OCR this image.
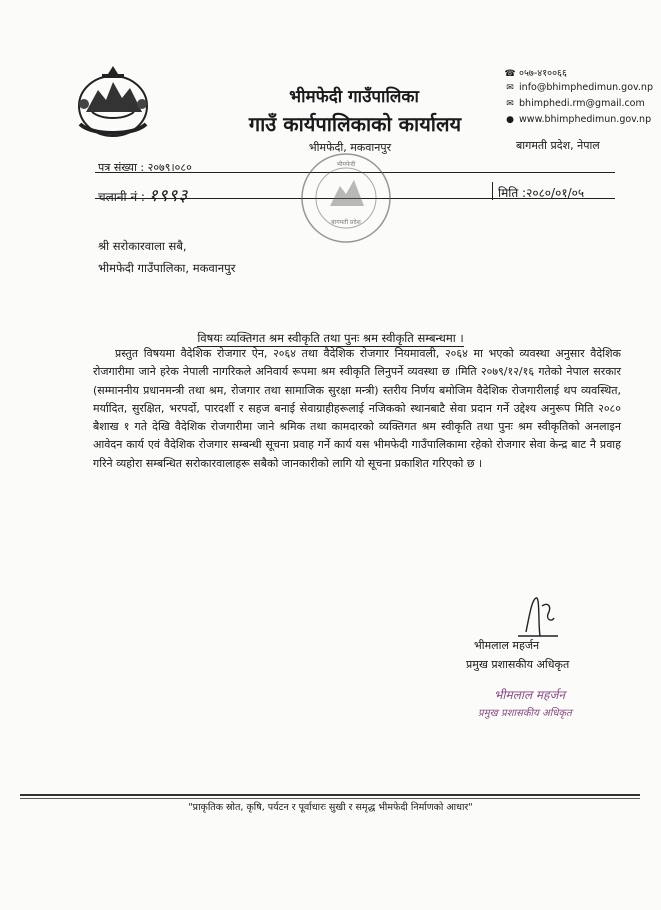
भीमफेदी गाउँपालिका
गाउँ कार्यपालिकाको कार्यालय
भीमफेदी, मकवानपुर
☎ ०५७-४१००६६
✉ info@bhimphedimun.gov.np
✉ bhimphedi.rm@gmail.com
● www.bhimphedimun.gov.np
बागमती प्रदेश, नेपाल
पत्र संख्या : २०७९।०८०
चलानी नं : १९९३	मिति :२०८०/०१/०५
बागमती प्रदेश
भीमफेदी
श्री सरोकारवाला सबै,
भीमफेदी गाउँपालिका, मकवानपुर
विषयः व्यक्तिगत श्रम स्वीकृति तथा पुनः श्रम स्वीकृति सम्बन्धमा ।
प्रस्तुत विषयमा वैदेशिक रोजगार ऐन, २०६४ तथा वैदेशिक रोजगार नियमावली, २०६४ मा भएको व्यवस्था अनुसार वैदेशिक रोजगारीमा जाने हरेक नेपाली नागरिकले अनिवार्य रूपमा श्रम स्वीकृति लिनुपर्ने व्यवस्था छ ।मिति २०७९/१२/१६ गतेको नेपाल सरकार (सम्माननीय प्रधानमन्त्री तथा श्रम, रोजगार तथा सामाजिक सुरक्षा मन्त्री) स्तरीय निर्णय बमोजिम वैदेशिक रोजगारीलाई थप व्यवस्थित, मर्यादित, सुरक्षित, भरपर्दो, पारदर्शी र सहज बनाई सेवाग्राहीहरूलाई नजिकको स्थानबाटै सेवा प्रदान गर्ने उद्देश्य अनुरूप मिति २०८० बैशाख १ गते देखि वैदेशिक रोजगारीमा जाने श्रमिक तथा कामदारको व्यक्तिगत श्रम स्वीकृति तथा पुनः श्रम स्वीकृतिको अनलाइन आवेदन कार्य एवं वैदेशिक रोजगार सम्बन्धी सूचना प्रवाह गर्ने कार्य यस भीमफेदी गाउँपालिकामा रहेको रोजगार सेवा केन्द्र बाट नै प्रवाह गरिने व्यहोरा सम्बन्धित सरोकारवालाहरू सबैको जानकारीको लागि यो सूचना प्रकाशित गरिएको छ ।
भीमलाल महर्जन
प्रमुख प्रशासकीय अधिकृत
भीमलाल महर्जन
प्रमुख प्रशासकीय अधिकृत
"प्राकृतिक स्रोत, कृषि, पर्यटन र पूर्वाधारः सुखी र समृद्ध भीमफेदी निर्माणको आधार"
